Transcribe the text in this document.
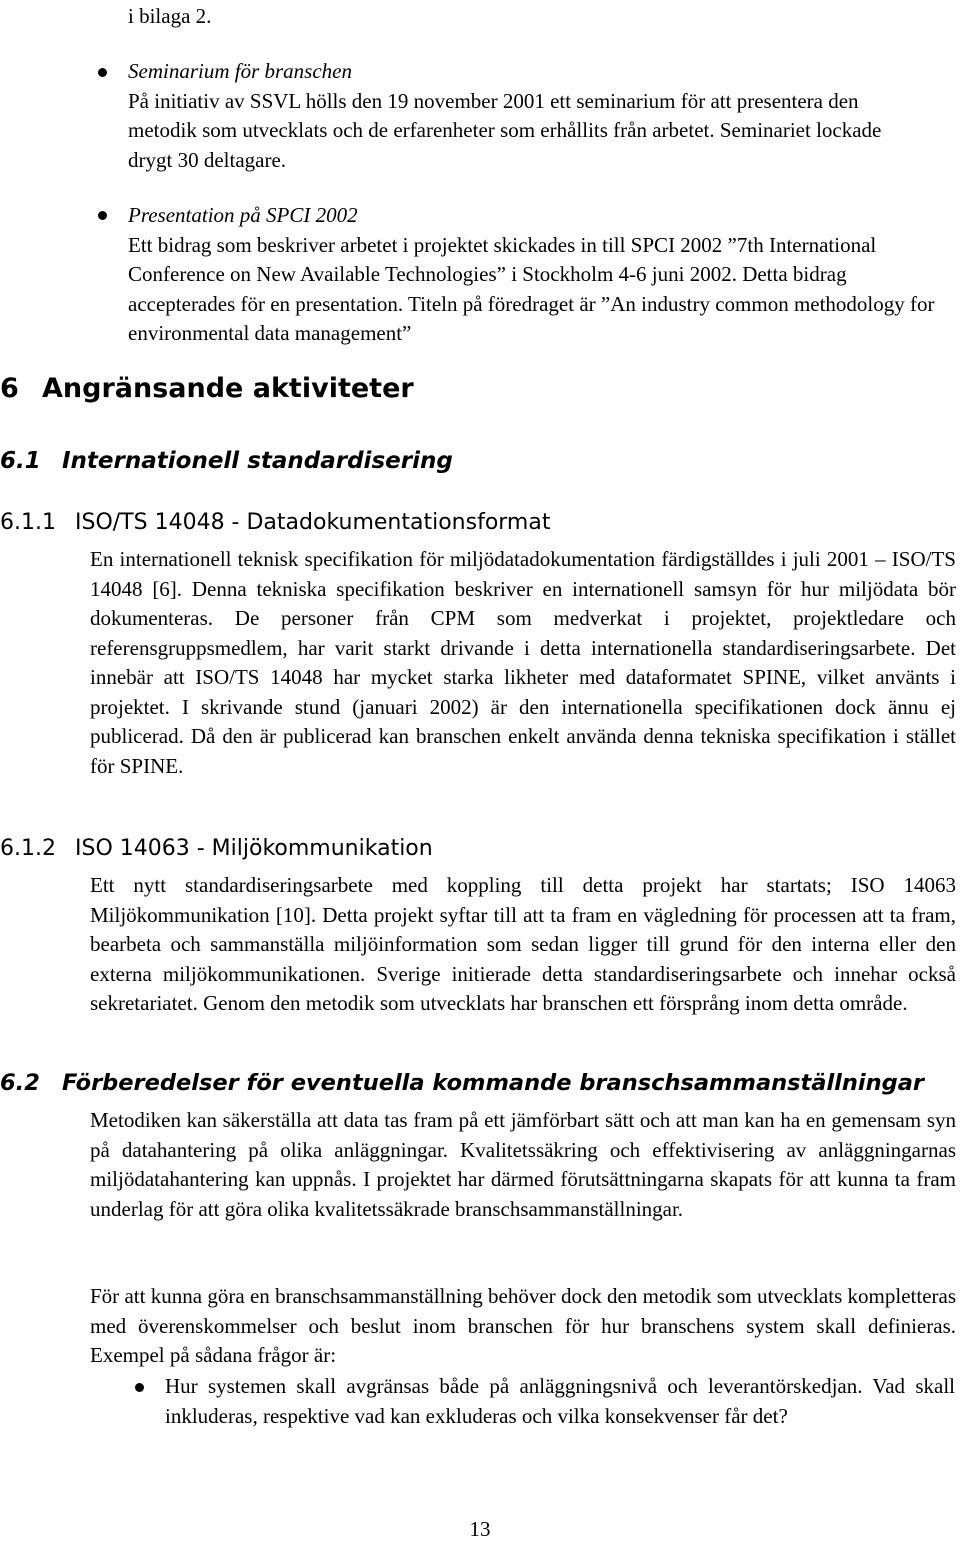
i bilaga 2.
Seminarium för branschen
På initiativ av SSVL hölls den 19 november 2001 ett seminarium för att presentera den metodik som utvecklats och de erfarenheter som erhållits från arbetet. Seminariet lockade drygt 30 deltagare.
Presentation på SPCI 2002
Ett bidrag som beskriver arbetet i projektet skickades in till SPCI 2002 ”7th International Conference on New Available Technologies” i Stockholm 4-6 juni 2002. Detta bidrag accepterades för en presentation. Titeln på föredraget är ”An industry common methodology for environmental data management”
6 Angränsande aktiviteter
6.1 Internationell standardisering
6.1.1 ISO/TS 14048 - Datadokumentationsformat
En internationell teknisk specifikation för miljödatadokumentation färdigställdes i juli 2001 – ISO/TS 14048 [6]. Denna tekniska specifikation beskriver en internationell samsyn för hur miljödata bör dokumenteras. De personer från CPM som medverkat i projektet, projektledare och referensgruppsmedlem, har varit starkt drivande i detta internationella standardiseringsarbete. Det innebär att ISO/TS 14048 har mycket starka likheter med dataformatet SPINE, vilket använts i projektet. I skrivande stund (januari 2002) är den internationella specifikationen dock ännu ej publicerad. Då den är publicerad kan branschen enkelt använda denna tekniska specifikation i stället för SPINE.
6.1.2 ISO 14063 - Miljökommunikation
Ett nytt standardiseringsarbete med koppling till detta projekt har startats; ISO 14063 Miljökommunikation [10]. Detta projekt syftar till att ta fram en vägledning för processen att ta fram, bearbeta och sammanställa miljöinformation som sedan ligger till grund för den interna eller den externa miljökommunikationen. Sverige initierade detta standardiseringsarbete och innehar också sekretariatet. Genom den metodik som utvecklats har branschen ett försprång inom detta område.
6.2 Förberedelser för eventuella kommande branschsammanställningar
Metodiken kan säkerställa att data tas fram på ett jämförbart sätt och att man kan ha en gemensam syn på datahantering på olika anläggningar. Kvalitetssäkring och effektivisering av anläggningarnas miljödatahantering kan uppnås. I projektet har därmed förutsättningarna skapats för att kunna ta fram underlag för att göra olika kvalitetssäkrade branschsammanställningar.
För att kunna göra en branschsammanställning behöver dock den metodik som utvecklats kompletteras med överenskommelser och beslut inom branschen för hur branschens system skall definieras. Exempel på sådana frågor är:
Hur systemen skall avgränsas både på anläggningsnivå och leverantörskedjan. Vad skall inkluderas, respektive vad kan exkluderas och vilka konsekvenser får det?
13
